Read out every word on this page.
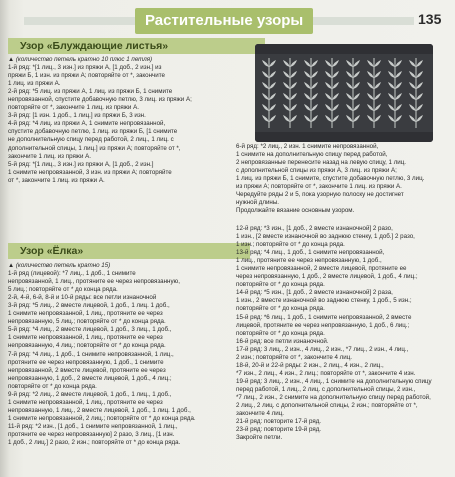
Растительные узоры	135
Узор «Блуждающие листья»

▲ (количество петель кратно 10 плюс 1 петля)

1-й ряд: *[1 лиц., 3 изн.] из пряжи А, [1 доб., 2 изн.] из

пряжи Б, 1 изн. из пряжи А; повторяйте от *, закончите

1 лиц. из пряжи А.

2-й ряд: *5 лиц. из пряжи А, 1 лиц. из пряжи Б, 1 снимите

непровязанной, спустите добавочную петлю, 3 лиц. из пряжи А;

повторяйте от *, закончите 1 лиц. из пряжи А.

3-й ряд: [1 изн. 1 доб., 1 лиц.] из пряжи Б, 3 изн.

4-й ряд: *4 лиц. из пряжи А, 1 снимите непровязанной,

спустите добавочную петлю, 1 лиц. из пряжи Б, [1 снимите

не дополнительную спицу перед работой, 2 лиц., 1 лиц. с

дополнительной спицы, 1 лиц.] из пряжи А; повторяйте от *,

закончите 1 лиц. из пряжи А.

5-й ряд: *[1 лиц., 3 изн.] из пряжи А, [1 доб., 2 изн.]

1 снимите непровязанной, 3 изн. из пряжи А; повторяйте

от *, закончите 1 лиц. из пряжи А.

6-й ряд: *2 лиц., 2 изн. 1 снимите непровязанной,

1 снимите на дополнительную спицу перед работой,

2 непровязанные перенесите назад на левую спицу, 1 лиц.

с дополнительной спицы из пряжи А, 3 лиц. из пряжи А;

1 лиц. из пряжи Б, 1 снимите, спустите добавочную петлю, 3 лиц.

из пряжи А; повторяйте от *, закончите 1 лиц. из пряжи А.

Чередуйте ряды 2 и 5, пока узорную полоску не достигнет

нужной длины.

Продолжайте вязание основным узором.

Узор «Ёлка»

▲ (количество петель кратно 15)

1-й ряд (лицевой): *7 лиц., 1 доб., 1 снимите

непровязанной, 1 лиц., протяните ее через непровязанную,

5 лиц.; повторяйте от * до конца ряда.

2-й, 4-й, 6-й, 8-й и 10-й ряды: все петли изнаночной

3-й ряд: *5 лиц., 2 вместе лицевой, 1 доб., 1 лиц. 1 доб.,

1 снимите непровязанной, 1 лиц., протяните ее через

непровязанную, 5 лиц.; повторяйте от * до конца ряда.

5-й ряд: *4 лиц., 2 вместе лицевой, 1 доб., 3 лиц., 1 доб.,

1 снимите непровязанной, 1 лиц., протяните ее через

непровязанную, 4 лиц.; повторяйте от * до конца ряда.

7-й ряд: *4 лиц., 1 доб., 1 снимите непровязанной, 1 лиц.,

протяните ее через непровязанную, 1 доб., 1 снимите

непровязанной, 2 вместе лицевой, протяните ее через

непровязанную, 1 доб., 2 вместе лицевой, 1 доб., 4 лиц.;

повторяйте от * до конца ряда.

9-й ряд: *2 лиц., 2 вместе лицевой, 1 доб., 1 лиц., 1 доб.,

1 снимите непровязанной, 1 лиц., протяните ее через

непровязанную, 1 лиц., 2 вместе лицевой, 1 доб., 1 лиц. 1 доб.,

1 снимите непровязанной, 2 лиц.; повторяйте от * до конца ряда.

11-й ряд: *2 изн., [1 доб., 1 снимите непровязанной, 1 лиц.,

протяните ее через непровязанную] 2 разо, 3 лиц., [1 изн.

1 доб., 2 лиц.] 2 разо, 2 изн.; повторяйте от * до конца ряда.

12-й ряд: *3 изн., [1 доб., 2 вместе изнаночной] 2 разо,

1 изн., [2 вместе изнаночной во заднюю стенку, 1 доб.] 2 разо,

1 изн.; повторяйте от * до конца ряда.

13-й ряд: *4 лиц., 1 доб., 1 снимите непровязанной,

1 лиц., протяните ее через непровязанную, 1 доб.,

1 снимите непровязанной, 2 вместе лицевой, протяните ее

через непровязанную, 1 доб., 2 вместе лицевой, 1 доб., 4 лиц.;

повторяйте от * до конца ряда.

14-й ряд: *5 изн., [1 доб., 2 вместе изнаночной] 2 раза,

1 изн., 2 вместе изнаночной во заднюю стенку, 1 доб., 5 изн.;

повторяйте от * до конца ряда.

15-й ряд: *6 лиц., 1 доб., 1 снимите непровязанной, 2 вместе

лицевой, протяните ее через непровязанную, 1 доб., 6 лиц.;

повторяйте от * до конца ряда.

16-й ряд: все петли изнаночной.

17-й ряд: 3 лиц., 2 изн., 4 лиц., 2 изн., *7 лиц., 2 изн., 4 лиц.,

2 изн.; повторяйте от *, закончите 4 лиц.

18-й, 20-й и 22-й ряды: 2 изн., 2 лиц., 4 изн., 2 лиц.,

*7 изн., 2 лиц., 4 изн., 2 лиц.; повторяйте от *, закончите 4 изн.

19-й ряд: 3 лиц., 2 изн., 4 лиц., 1 снимите на дополнительную спицу

перед работой, 1 лиц., 2 лиц. с дополнительной спицы, 2 изн.,

*7 лиц., 2 изн., 2 снимите на дополнительную спицу перед работой,

2 лиц., 2 лиц. с дополнительной спицы, 2 изн.; повторяйте от *,

закончите 4 лиц.

21-й ряд: повторите 17-й ряд.

23-й ряд: повторите 19-й ряд.

Закройте петли.
